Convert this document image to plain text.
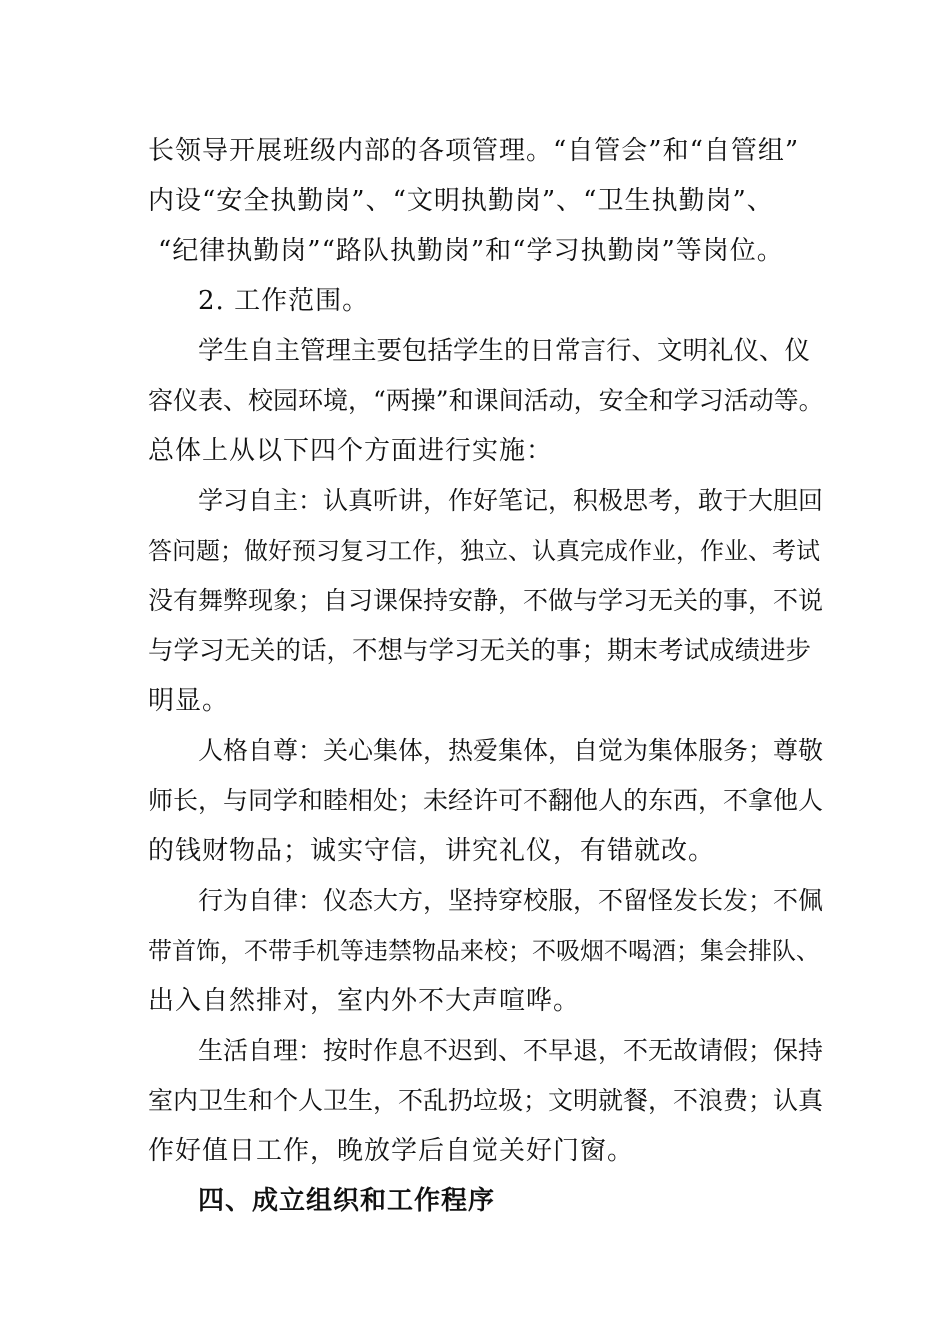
长领导开展班级内部的各项管理。“自管会”和“自管组”
内设“安全执勤岗”、“文明执勤岗”、“卫生执勤岗”、
“纪律执勤岗”“路队执勤岗”和“学习执勤岗”等岗位。
2. 工作范围。
学生自主管理主要包括学生的日常言行、文明礼仪、仪
容仪表、校园环境，“两操”和课间活动，安全和学习活动等。
总体上从以下四个方面进行实施：
学习自主：认真听讲，作好笔记，积极思考，敢于大胆回
答问题；做好预习复习工作，独立、认真完成作业，作业、考试
没有舞弊现象；自习课保持安静，不做与学习无关的事，不说
与学习无关的话，不想与学习无关的事；期末考试成绩进步
明显。
人格自尊：关心集体，热爱集体，自觉为集体服务；尊敬
师长，与同学和睦相处；未经许可不翻他人的东西，不拿他人
的钱财物品；诚实守信，讲究礼仪，有错就改。
行为自律：仪态大方，坚持穿校服，不留怪发长发；不佩
带首饰，不带手机等违禁物品来校；不吸烟不喝酒；集会排队、
出入自然排对，室内外不大声喧哗。
生活自理：按时作息不迟到、不早退，不无故请假；保持
室内卫生和个人卫生，不乱扔垃圾；文明就餐，不浪费；认真
作好值日工作，晚放学后自觉关好门窗。
四、成立组织和工作程序
